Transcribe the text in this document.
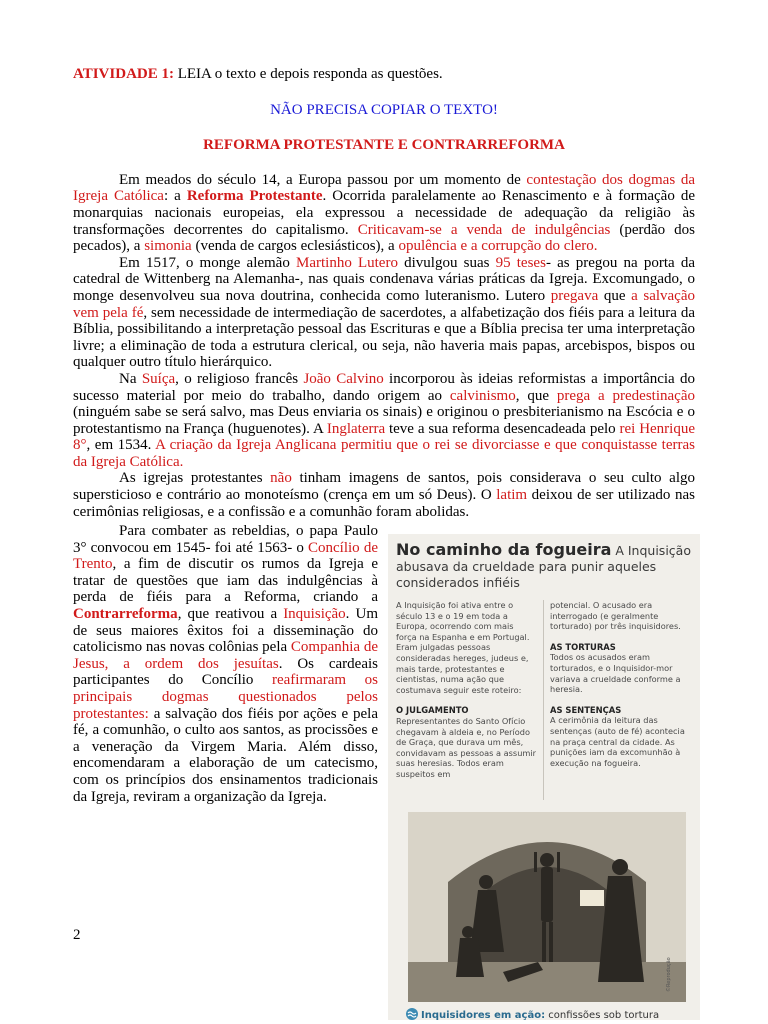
ATIVIDADE 1: LEIA o texto e depois responda as questões.

NÃO PRECISA COPIAR O TEXTO!
REFORMA PROTESTANTE E CONTRARREFORMA

Em meados do século 14, a Europa passou por um momento de contestação dos dogmas da Igreja Católica: a Reforma Protestante. Ocorrida paralelamente ao Renascimento e à formação de monarquias nacionais europeias, ela expressou a necessidade de adequação da religião às transformações decorrentes do capitalismo. Criticavam-se a venda de indulgências (perdão dos pecados), a simonia (venda de cargos eclesiásticos), a opulência e a corrupção do clero.

Em 1517, o monge alemão Martinho Lutero divulgou suas 95 teses- as pregou na porta da catedral de Wittenberg na Alemanha-, nas quais condenava várias práticas da Igreja. Excomungado, o monge desenvolveu sua nova doutrina, conhecida como luteranismo. Lutero pregava que a salvação vem pela fé, sem necessidade de intermediação de sacerdotes, a alfabetização dos fiéis para a leitura da Bíblia, possibilitando a interpretação pessoal das Escrituras e que a Bíblia precisa ter uma interpretação livre; a eliminação de toda a estrutura clerical, ou seja, não haveria mais papas, arcebispos, bispos ou qualquer outro título hierárquico.

Na Suíça, o religioso francês João Calvino incorporou às ideias reformistas a importância do sucesso material por meio do trabalho, dando origem ao calvinismo, que prega a predestinação (ninguém sabe se será salvo, mas Deus enviaria os sinais) e originou o presbiterianismo na Escócia e o protestantismo na França (huguenotes). A Inglaterra teve a sua reforma desencadeada pelo rei Henrique 8°, em 1534. A criação da Igreja Anglicana permitiu que o rei se divorciasse e que conquistasse terras da Igreja Católica.

As igrejas protestantes não tinham imagens de santos, pois considerava o seu culto algo supersticioso e contrário ao monoteísmo (crença em um só Deus). O latim deixou de ser utilizado nas cerimônias religiosas, e a confissão e a comunhão foram abolidas.

Para combater as rebeldias, o papa Paulo 3° convocou em 1545- foi até 1563- o Concílio de Trento, a fim de discutir os rumos da Igreja e tratar de questões que iam das indulgências à perda de fiéis para a Reforma, criando a Contrarreforma, que reativou a Inquisição. Um de seus maiores êxitos foi a disseminação do catolicismo nas novas colônias pela Companhia de Jesus, a ordem dos jesuítas. Os cardeais participantes do Concílio reafirmaram os principais dogmas questionados pelos protestantes: a salvação dos fiéis por ações e pela fé, a comunhão, o culto aos santos, as procissões e a veneração da Virgem Maria. Além disso, encomendaram a elaboração de um catecismo, com os princípios dos ensinamentos tradicionais da Igreja, reviram a organização da Igreja.

2
No caminho da fogueira A Inquisição abusava da crueldade para punir aqueles considerados infiéis
A Inquisição foi ativa entre o século 13 e o 19 em toda a Europa, ocorrendo com mais força na Espanha e em Portugal. Eram julgadas pessoas consideradas hereges, judeus e, mais tarde, protestantes e cientistas, numa ação que costumava seguir este roteiro:
O JULGAMENTO
Representantes do Santo Ofício chegavam à aldeia e, no Período de Graça, que durava um mês, convidavam as pessoas a assumir suas heresias. Todos eram suspeitos em
potencial. O acusado era interrogado (e geralmente torturado) por três inquisidores.
AS TORTURAS
Todos os acusados eram torturados, e o Inquisidor-mor variava a crueldade conforme a heresia.
AS SENTENÇAS
A cerimônia da leitura das sentenças (auto de fé) acontecia na praça central da cidade. As punições iam da excomunhão à execução na fogueira.
©Reprodução
Inquisidores em ação: confissões sob tortura
